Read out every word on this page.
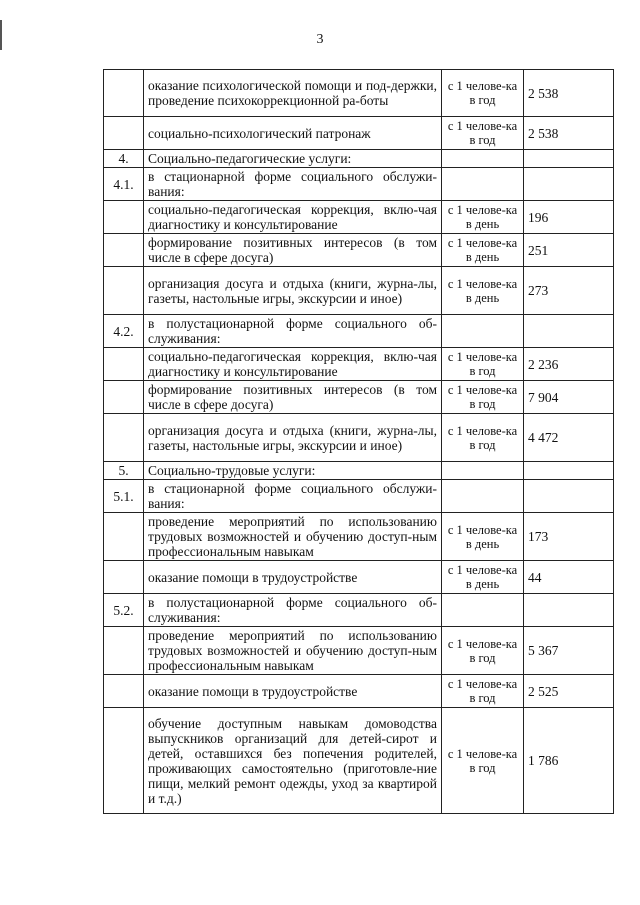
3
	оказание психологической помощи и под-держки, проведение психокоррекционной ра-боты	с 1 челове-ка в год	2 538
	социально-психологический патронаж	с 1 челове-ка в год	2 538
4.	Социально-педагогические услуги:		
4.1.	в стационарной форме социального обслужи-вания:		
	социально-педагогическая коррекция, вклю-чая диагностику и консультирование	с 1 челове-ка в день	196
	формирование позитивных интересов (в том числе в сфере досуга)	с 1 челове-ка в день	251
	организация досуга и отдыха (книги, журна-лы, газеты, настольные игры, экскурсии и иное)	с 1 челове-ка в день	273
4.2.	в полустационарной форме социального об-служивания:		
	социально-педагогическая коррекция, вклю-чая диагностику и консультирование	с 1 челове-ка в год	2 236
	формирование позитивных интересов (в том числе в сфере досуга)	с 1 челове-ка в год	7 904
	организация досуга и отдыха (книги, журна-лы, газеты, настольные игры, экскурсии и иное)	с 1 челове-ка в год	4 472
5.	Социально-трудовые услуги:		
5.1.	в стационарной форме социального обслужи-вания:		
	проведение мероприятий по использованию трудовых возможностей и обучению доступ-ным профессиональным навыкам	с 1 челове-ка в день	173
	оказание помощи в трудоустройстве	с 1 челове-ка в день	44
5.2.	в полустационарной форме социального об-служивания:		
	проведение мероприятий по использованию трудовых возможностей и обучению доступ-ным профессиональным навыкам	с 1 челове-ка в год	5 367
	оказание помощи в трудоустройстве	с 1 челове-ка в год	2 525
	обучение доступным навыкам домоводства выпускников организаций для детей-сирот и детей, оставшихся без попечения родителей, проживающих самостоятельно (приготовле-ние пищи, мелкий ремонт одежды, уход за квартирой и т.д.)	с 1 челове-ка в год	1 786
